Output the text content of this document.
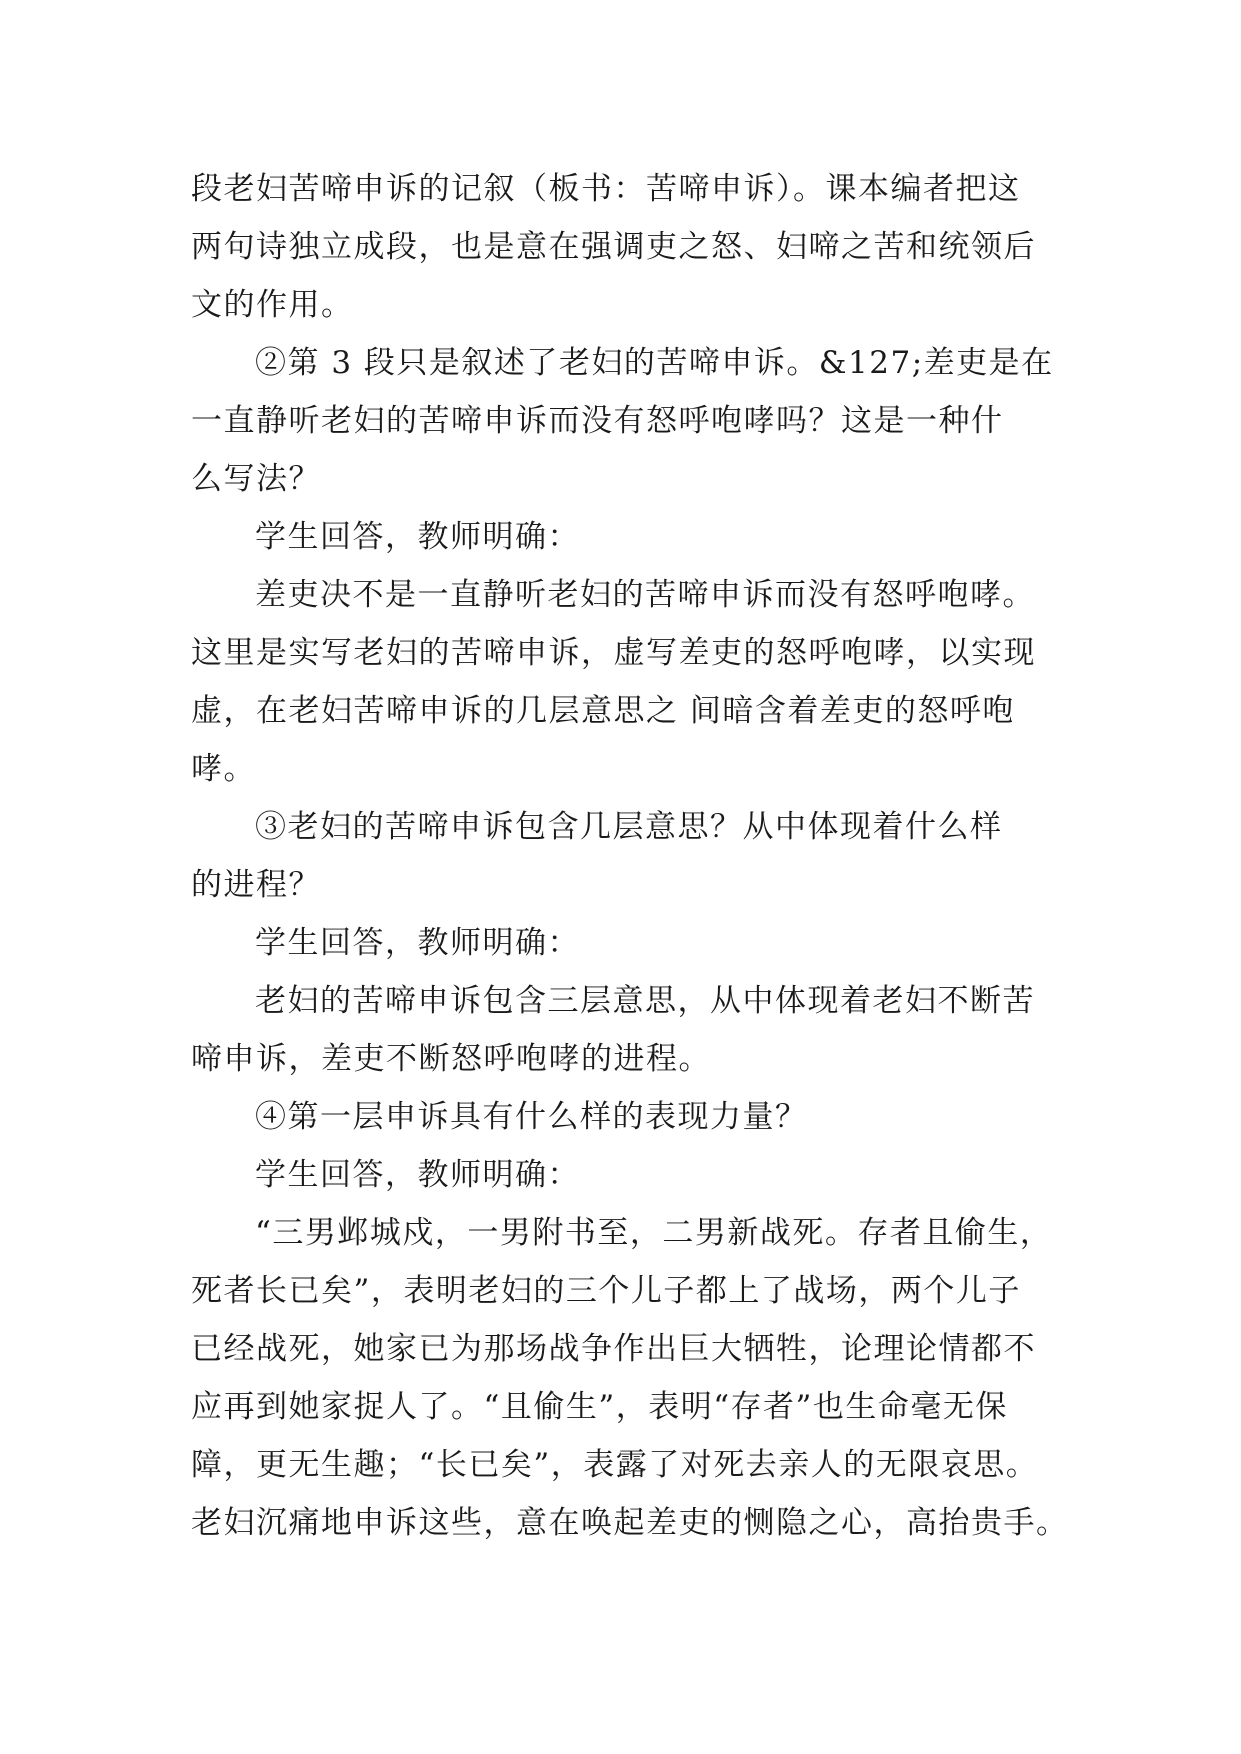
段老妇苦啼申诉的记叙（板书：苦啼申诉）。课本编者把这
两句诗独立成段，也是意在强调吏之怒、妇啼之苦和统领后
文的作用。
②第 3 段只是叙述了老妇的苦啼申诉。&127;差吏是在
一直静听老妇的苦啼申诉而没有怒呼咆哮吗？这是一种什
么写法？
学生回答，教师明确：
差吏决不是一直静听老妇的苦啼申诉而没有怒呼咆哮。
这里是实写老妇的苦啼申诉，虚写差吏的怒呼咆哮，以实现
虚，在老妇苦啼申诉的几层意思之 间暗含着差吏的怒呼咆
哮。
③老妇的苦啼申诉包含几层意思？从中体现着什么样
的进程？
学生回答，教师明确：
老妇的苦啼申诉包含三层意思，从中体现着老妇不断苦
啼申诉，差吏不断怒呼咆哮的进程。
④第一层申诉具有什么样的表现力量？
学生回答，教师明确：
“三男邺城戍，一男附书至，二男新战死。存者且偷生，
死者长已矣”，表明老妇的三个儿子都上了战场，两个儿子
已经战死，她家已为那场战争作出巨大牺牲，论理论情都不
应再到她家捉人了。“且偷生”，表明“存者”也生命毫无保
障，更无生趣；“长已矣”，表露了对死去亲人的无限哀思。
老妇沉痛地申诉这些，意在唤起差吏的恻隐之心，高抬贵手。
